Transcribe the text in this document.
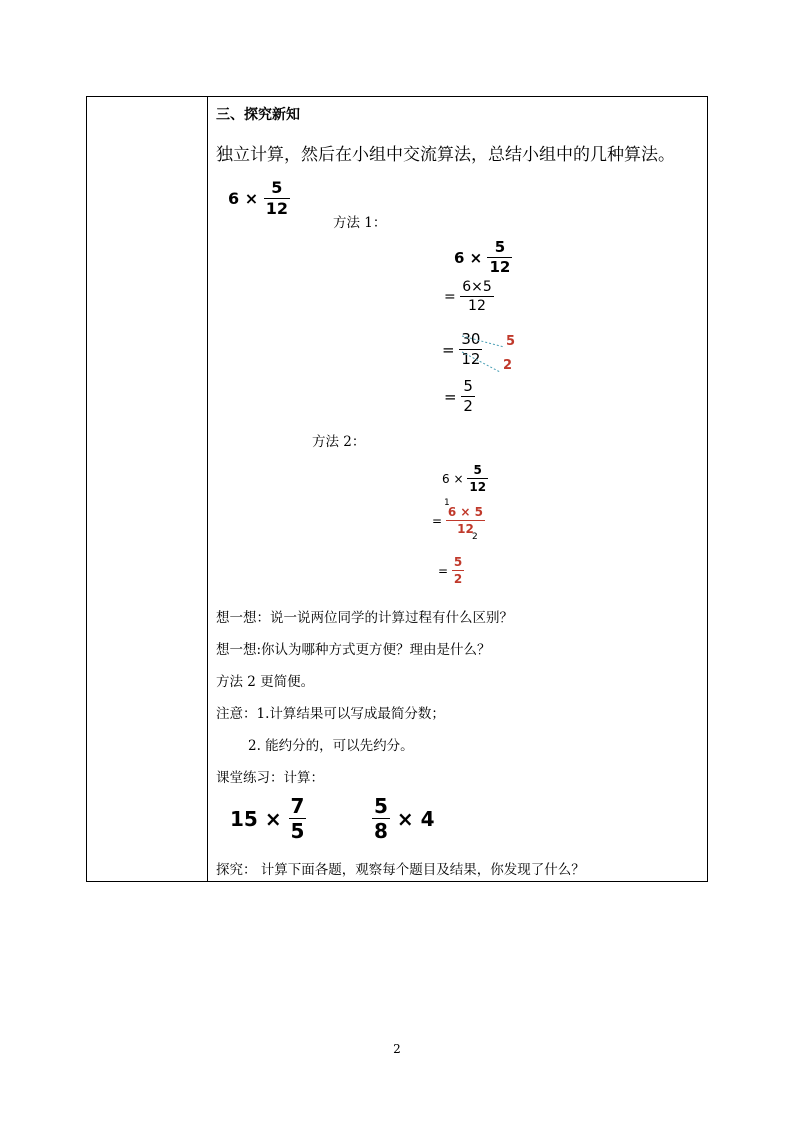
三、探究新知
独立计算，然后在小组中交流算法，总结小组中的几种算法。
$6 \times \frac{5}{12}$
方法 1：
$6 \times \frac{5}{12}$
= $\frac{6\times 5}{12}$
= $\frac{30}{12} 5$
2
= $\frac{5}{2}$
方法 2：
$6 \times \frac{5}{12}$
1
= $\frac{6 \times 5}{12}$
2
= $\frac{5}{2}$
想一想：说一说两位同学的计算过程有什么区别？
想一想:你认为哪种方式更方便？理由是什么？
方法 2 更简便。
注意：1.计算结果可以写成最简分数；
2. 能约分的，可以先约分。
课堂练习：计算：
$15 \times \frac{7}{5}$	$\frac{5}{8} \times 4$
探究： 计算下面各题，观察每个题目及结果，你发现了什么？
2
